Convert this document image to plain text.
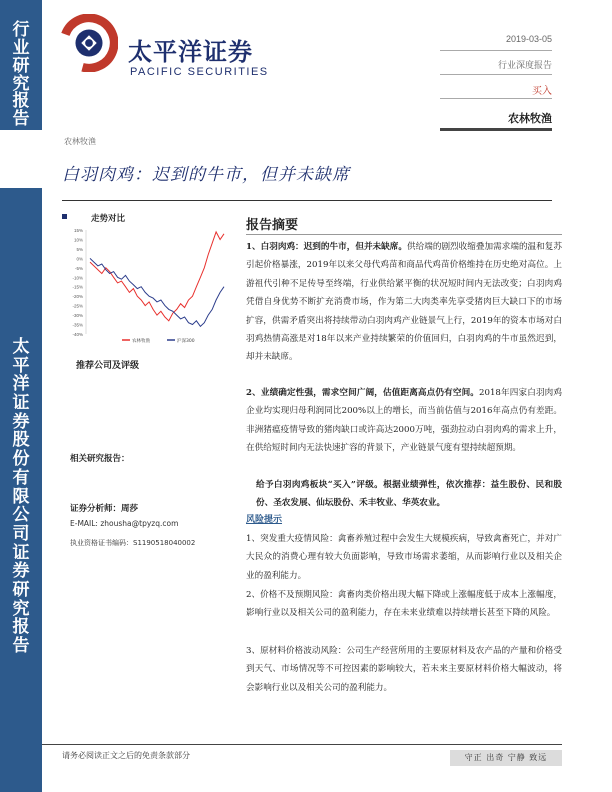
行业研究报告
太平洋证券股份有限公司证券研究报告
太平洋证券
PACIFIC SECURITIES
2019-03-05
行业深度报告
买入
农林牧渔
农林牧渔
白羽肉鸡：迟到的牛市，但并未缺席
走势对比
15%
10%
5%
0%
-5%
-10%
-15%
-20%
-25%
-30%
-35%
-40%
农林牧渔	沪深300
推荐公司及评级
相关研究报告：
证券分析师：周莎
E-MAIL: zhousha@tpyzq.com
执业资格证书编码：S1190518040002
报告摘要
1、白羽肉鸡：迟到的牛市，但并未缺席。供给端的剧烈收缩叠加需求端的温和复苏引起价格暴涨，2019年以来父母代鸡苗和商品代鸡苗价格维持在历史绝对高位。上游祖代引种不足传导至终端，行业供给紧平衡的状况短时间内无法改变；白羽肉鸡凭借自身优势不断扩充消费市场，作为第二大肉类率先享受猪肉巨大缺口下的市场扩容，供需矛盾突出将持续带动白羽肉鸡产业链景气上行，2019年的资本市场对白羽鸡热情高涨是对18年以来产业持续繁荣的价值回归，白羽肉鸡的牛市虽然迟到，却并未缺席。
2、业绩确定性强，需求空间广阔，估值距离高点仍有空间。2018年四家白羽肉鸡企业均实现归母利润同比200%以上的增长，而当前估值与2016年高点仍有差距。非洲猪瘟疫情导致的猪肉缺口或许高达2000万吨，强劲拉动白羽肉鸡的需求上升，在供给短时间内无法快速扩容的背景下，产业链景气度有望持续超预期。
给予白羽肉鸡板块“买入”评级。根据业绩弹性，依次推荐：益生股份、民和股份、圣农发展、仙坛股份、禾丰牧业、华英农业。
风险提示
1、突发重大疫情风险：禽畜养殖过程中会发生大规模疾病，导致禽畜死亡，并对广大民众的消费心理有较大负面影响，导致市场需求萎缩，从而影响行业以及相关企业的盈利能力。
2、价格不及预期风险：禽畜肉类价格出现大幅下降或上涨幅度低于成本上涨幅度，影响行业以及相关公司的盈利能力，存在未来业绩难以持续增长甚至下降的风险。
3、原材料价格波动风险：公司生产经营所用的主要原材料及农产品的产量和价格受到天气、市场情况等不可控因素的影响较大，若未来主要原材料价格大幅波动，将会影响行业以及相关公司的盈利能力。
请务必阅读正文之后的免责条款部分	守正 出奇 宁静 致远
